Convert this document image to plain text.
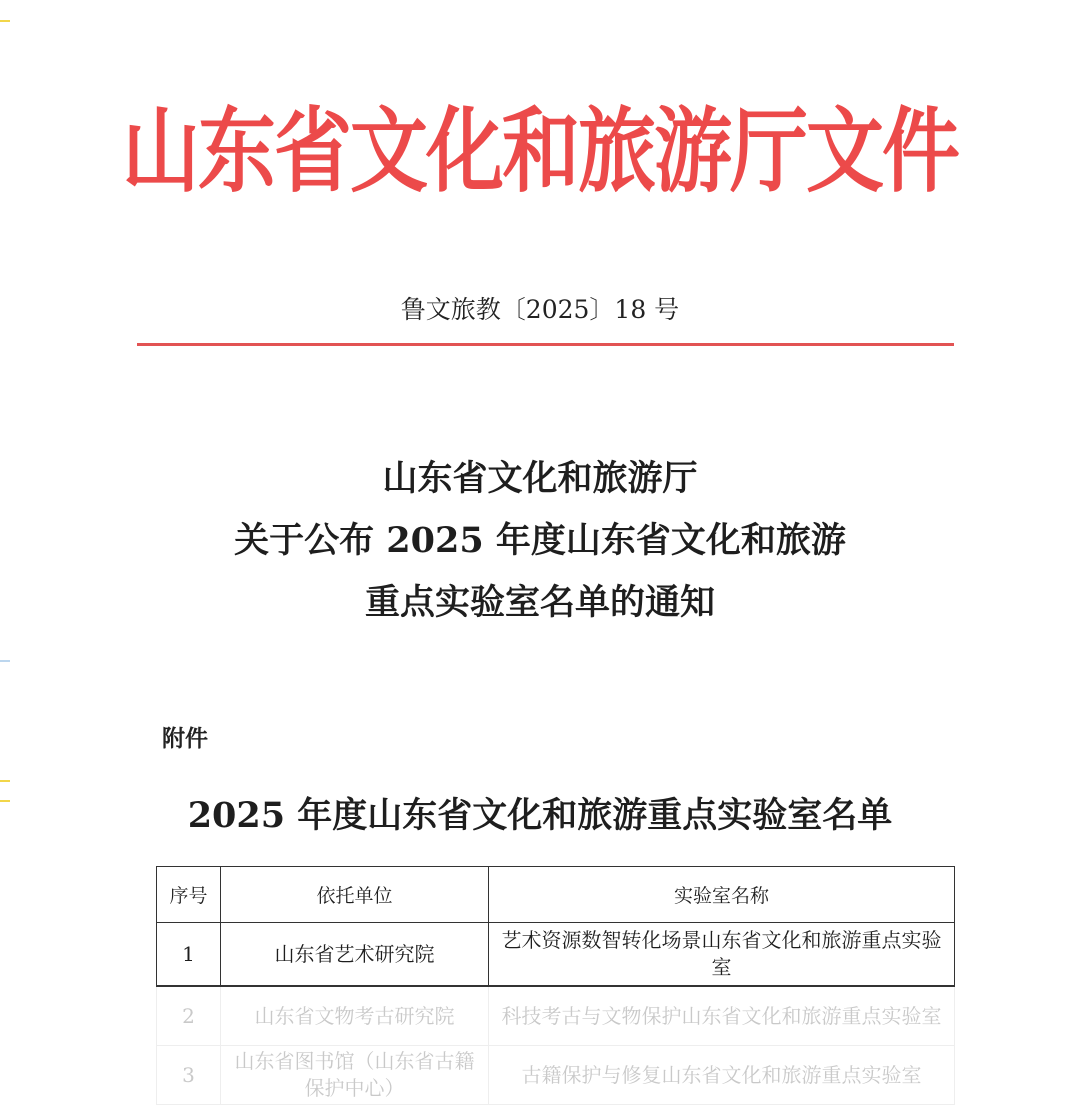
山东省文化和旅游厅文件
鲁文旅教〔2025〕18 号
山东省文化和旅游厅
关于公布 2025 年度山东省文化和旅游
重点实验室名单的通知
附件
2025 年度山东省文化和旅游重点实验室名单
序号	依托单位	实验室名称
1	山东省艺术研究院	艺术资源数智转化场景山东省文化和旅游重点实验室
2	山东省文物考古研究院	科技考古与文物保护山东省文化和旅游重点实验室
3	山东省图书馆（山东省古籍保护中心）	古籍保护与修复山东省文化和旅游重点实验室
